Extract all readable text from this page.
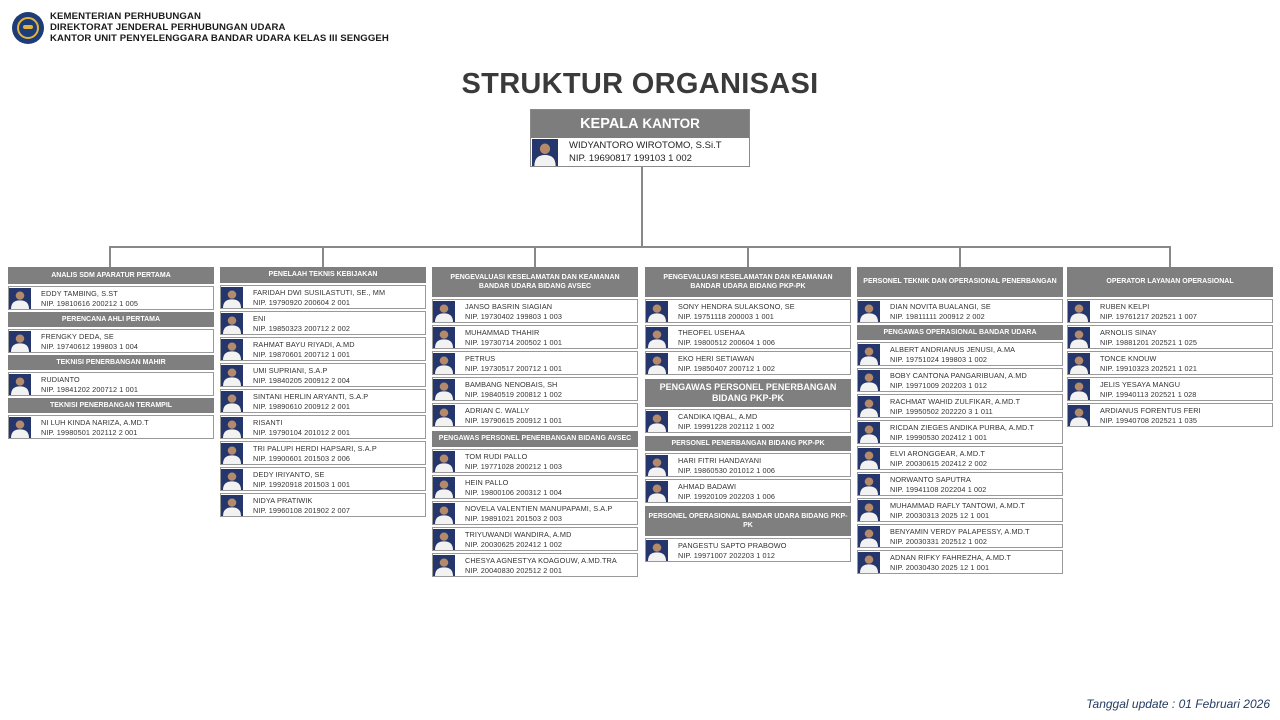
KEMENTERIAN PERHUBUNGAN
DIREKTORAT JENDERAL PERHUBUNGAN UDARA
KANTOR UNIT PENYELENGGARA BANDAR UDARA KELAS III SENGGEH
STRUKTUR ORGANISASI
KEPALA KANTOR
WIDYANTORO WIROTOMO, S.Si.T
NIP. 19690817 199103 1 002
ANALIS SDM APARATUR PERTAMA
EDDY TAMBING, S.ST
NIP. 19810616 200212 1 005
PERENCANA AHLI PERTAMA
FRENGKY DEDA, SE
NIP. 19740612 199803 1 004
TEKNISI PENERBANGAN MAHIR
RUDIANTO
NIP. 19841202 200712 1 001
TEKNISI PENERBANGAN TERAMPIL
NI LUH KINDA NARIZA, A.MD.T
NIP. 19980501 202112 2 001
PENELAAH TEKNIS KEBIJAKAN
FARIDAH DWI SUSILASTUTI, SE., MM
NIP. 19790920 200604 2 001
ENI
NIP. 19850323 200712 2 002
RAHMAT BAYU RIYADI, A.MD
NIP. 19870601 200712 1 001
UMI SUPRIANI, S.A.P
NIP. 19840205 200912 2 004
SINTANI HERLIN ARYANTI, S.A.P
NIP. 19890610 200912 2 001
RISANTI
NIP. 19790104 201012 2 001
TRI PALUPI HERDI HAPSARI, S.A.P
NIP. 19900601 201503 2 006
DEDY IRIYANTO, SE
NIP. 19920918 201503 1 001
NIDYA PRATIWIK
NIP. 19960108 201902 2 007
PENGEVALUASI KESELAMATAN DAN KEAMANAN BANDAR UDARA BIDANG AVSEC
JANSO BASRIN SIAGIAN
NIP. 19730402 199803 1 003
MUHAMMAD THAHIR
NIP. 19730714 200502 1 001
PETRUS
NIP. 19730517 200712 1 001
BAMBANG NENOBAIS, SH
NIP. 19840519 200812 1 002
ADRIAN C. WALLY
NIP. 19790615 200912 1 001
PENGAWAS PERSONEL PENERBANGAN BIDANG AVSEC
TOM RUDI PALLO
NIP. 19771028 200212 1 003
HEIN PALLO
NIP. 19800106 200312 1 004
NOVELA VALENTIEN MANUPAPAMI, S.A.P
NIP. 19891021 201503 2 003
TRIYUWANDI WANDIRA, A.MD
NIP. 20030625 202412 1 002
CHESYA AGNESTYA KOAGOUW, A.MD.TRA
NIP. 20040830 202512 2 001
PENGEVALUASI KESELAMATAN DAN KEAMANAN BANDAR UDARA BIDANG PKP-PK
SONY HENDRA SULAKSONO, SE
NIP. 19751118 200003 1 001
THEOFEL USEHAA
NIP. 19800512 200604 1 006
EKO HERI SETIAWAN
NIP. 19850407 200712 1 002
PENGAWAS PERSONEL PENERBANGAN BIDANG PKP-PK
CANDIKA IQBAL, A.MD
NIP. 19991228 202112 1 002
PERSONEL PENERBANGAN BIDANG PKP-PK
HARI FITRI HANDAYANI
NIP. 19860530 201012 1 006
AHMAD BADAWI
NIP. 19920109 202203 1 006
PERSONEL OPERASIONAL BANDAR UDARA BIDANG PKP-PK
PANGESTU SAPTO PRABOWO
NIP. 19971007 202203 1 012
PERSONEL TEKNIK DAN OPERASIONAL PENERBANGAN
DIAN NOVITA BUALANGI, SE
NIP. 19811111 200912 2 002
PENGAWAS OPERASIONAL BANDAR UDARA
ALBERT ANDRIANUS JENUSI, A.MA
NIP. 19751024 199803 1 002
BOBY CANTONA PANGARIBUAN, A.MD
NIP. 19971009 202203 1 012
RACHMAT WAHID ZULFIKAR, A.MD.T
NIP. 19950502 202220 3 1 011
RICDAN ZIEGES ANDIKA PURBA, A.MD.T
NIP. 19990530 202412 1 001
ELVI ARONGGEAR, A.MD.T
NIP. 20030615 202412 2 002
NORWANTO SAPUTRA
NIP. 19941108 202204 1 002
MUHAMMAD RAFLY TANTOWI, A.MD.T
NIP. 20030313 2025 12 1 001
BENYAMIN VERDY PALAPESSY, A.MD.T
NIP. 20030331 202512 1 002
ADNAN RIFKY FAHREZHA, A.MD.T
NIP. 20030430 2025 12 1 001
OPERATOR LAYANAN OPERASIONAL
RUBEN KELPI
NIP. 19761217 202521 1 007
ARNOLIS SINAY
NIP. 19881201 202521 1 025
TONCE KNOUW
NIP. 19910323 202521 1 021
JELIS YESAYA MANGU
NIP. 19940113 202521 1 028
ARDIANUS FORENTUS FERI
NIP. 19940708 202521 1 035
Tanggal update : 01 Februari 2026
